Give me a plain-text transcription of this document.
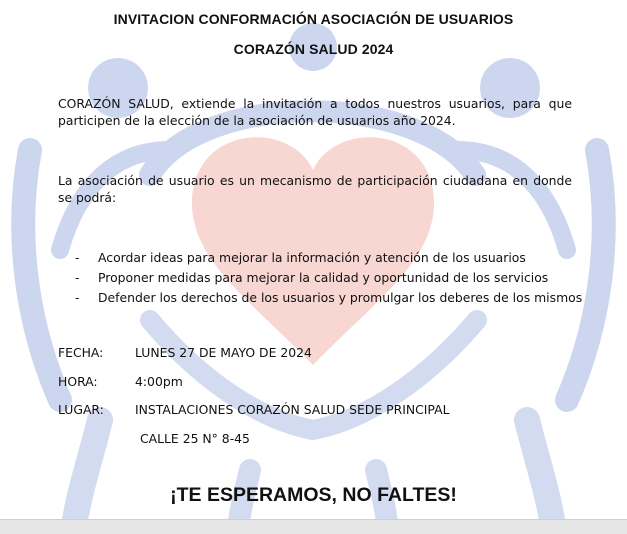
INVITACION CONFORMACIÓN ASOCIACIÓN DE USUARIOS
CORAZÓN SALUD 2024
CORAZÓN SALUD, extiende la invitación a todos nuestros usuarios, para que participen de la elección de la asociación de usuarios año 2024.
La asociación de usuario es un mecanismo de participación ciudadana en donde se podrá:
- Acordar ideas para mejorar la información y atención de los usuarios
- Proponer medidas para mejorar la calidad y oportunidad de los servicios
- Defender los derechos de los usuarios y promulgar los deberes de los mismos
FECHA:	LUNES 27 DE MAYO DE 2024
HORA:	4:00pm
LUGAR:	INSTALACIONES CORAZÓN SALUD SEDE PRINCIPAL
CALLE 25 N° 8-45
¡TE ESPERAMOS, NO FALTES!
